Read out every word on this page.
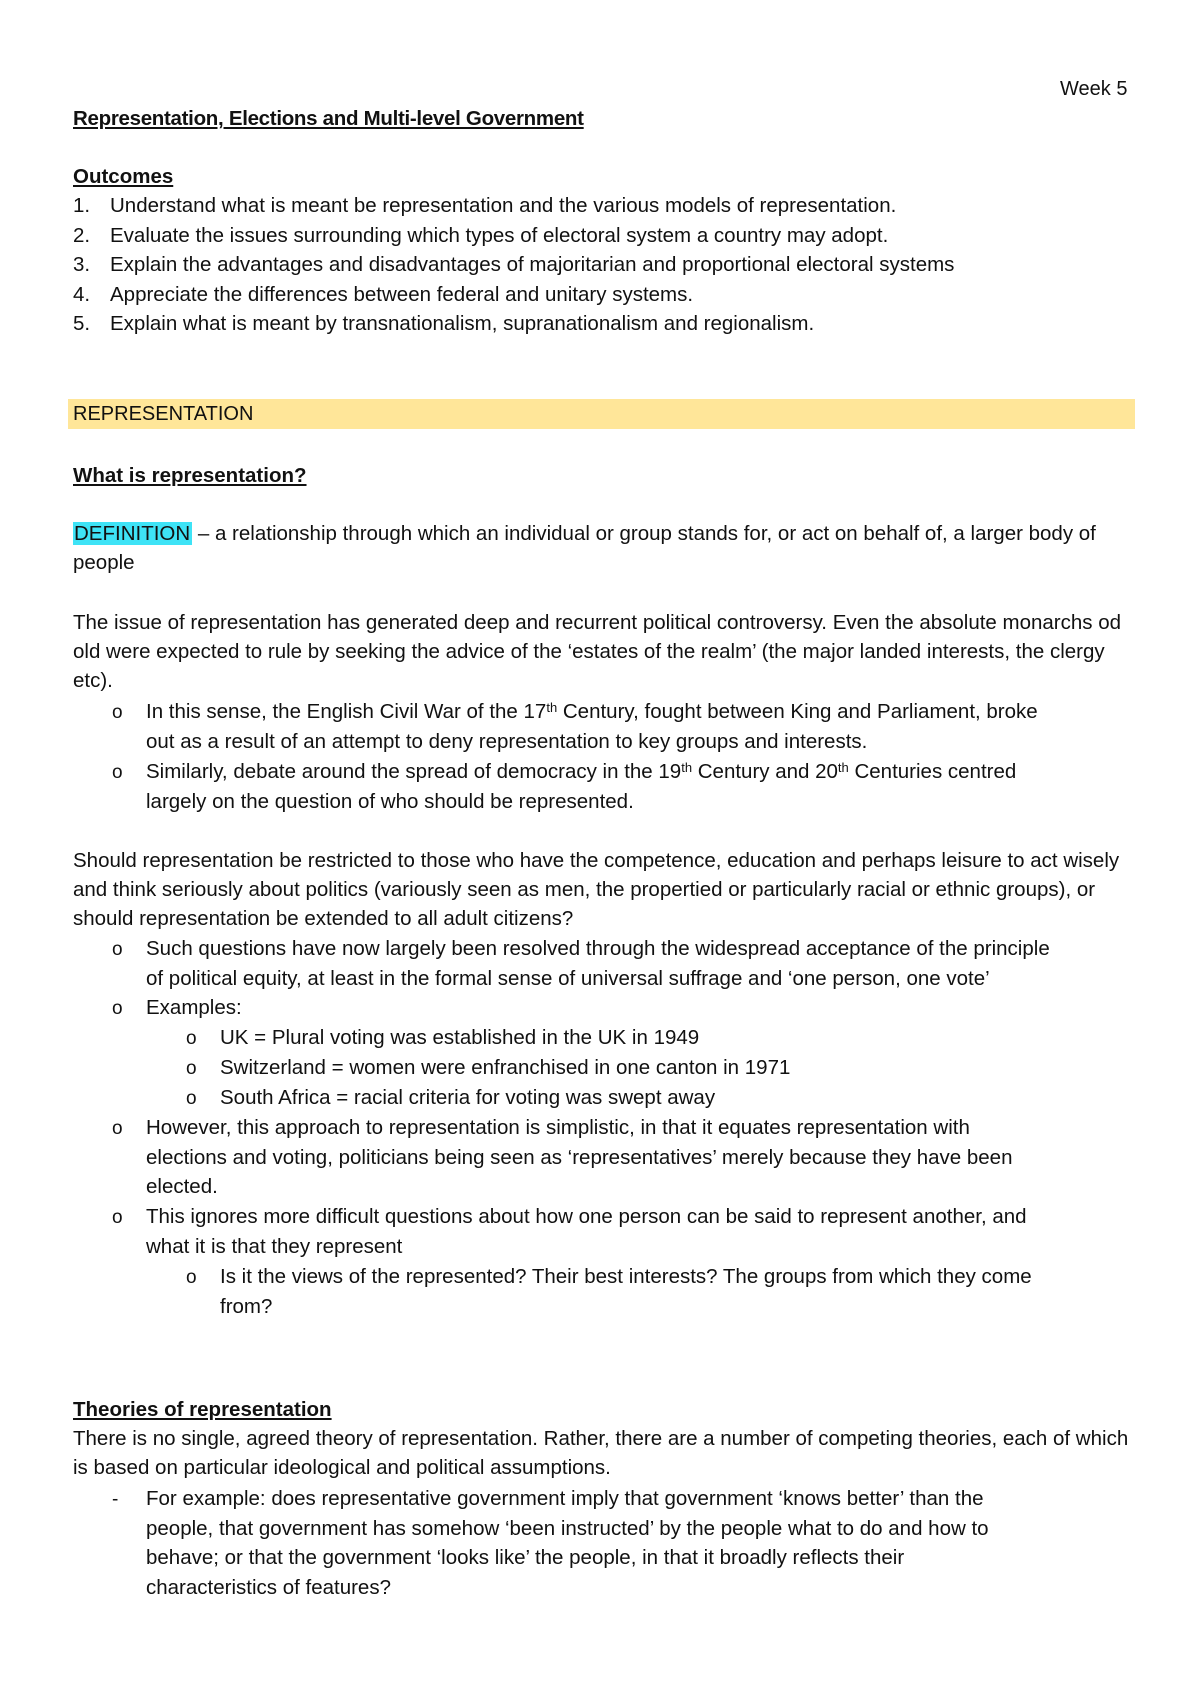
Week 5
Representation, Elections and Multi-level Government
Outcomes
1. Understand what is meant be representation and the various models of representation.
2. Evaluate the issues surrounding which types of electoral system a country may adopt.
3. Explain the advantages and disadvantages of majoritarian and proportional electoral systems
4. Appreciate the differences between federal and unitary systems.
5. Explain what is meant by transnationalism, supranationalism and regionalism.
REPRESENTATION
What is representation?
DEFINITION – a relationship through which an individual or group stands for, or act on behalf of, a larger body of people
The issue of representation has generated deep and recurrent political controversy. Even the absolute monarchs od old were expected to rule by seeking the advice of the ‘estates of the realm’ (the major landed interests, the clergy etc).
o In this sense, the English Civil War of the 17th Century, fought between King and Parliament, broke
out as a result of an attempt to deny representation to key groups and interests.
o Similarly, debate around the spread of democracy in the 19th Century and 20th Centuries centred
largely on the question of who should be represented.
Should representation be restricted to those who have the competence, education and perhaps leisure to act wisely and think seriously about politics (variously seen as men, the propertied or particularly racial or ethnic groups), or should representation be extended to all adult citizens?
o Such questions have now largely been resolved through the widespread acceptance of the principle
of political equity, at least in the formal sense of universal suffrage and ‘one person, one vote’
o Examples:
o UK = Plural voting was established in the UK in 1949
o Switzerland = women were enfranchised in one canton in 1971
o South Africa = racial criteria for voting was swept away
o However, this approach to representation is simplistic, in that it equates representation with
elections and voting, politicians being seen as ‘representatives’ merely because they have been
elected.
o This ignores more difficult questions about how one person can be said to represent another, and
what it is that they represent
o Is it the views of the represented? Their best interests? The groups from which they come
from?
Theories of representation
There is no single, agreed theory of representation. Rather, there are a number of competing theories, each of which is based on particular ideological and political assumptions.
- For example: does representative government imply that government ‘knows better’ than the
people, that government has somehow ‘been instructed’ by the people what to do and how to
behave; or that the government ‘looks like’ the people, in that it broadly reflects their
characteristics of features?
